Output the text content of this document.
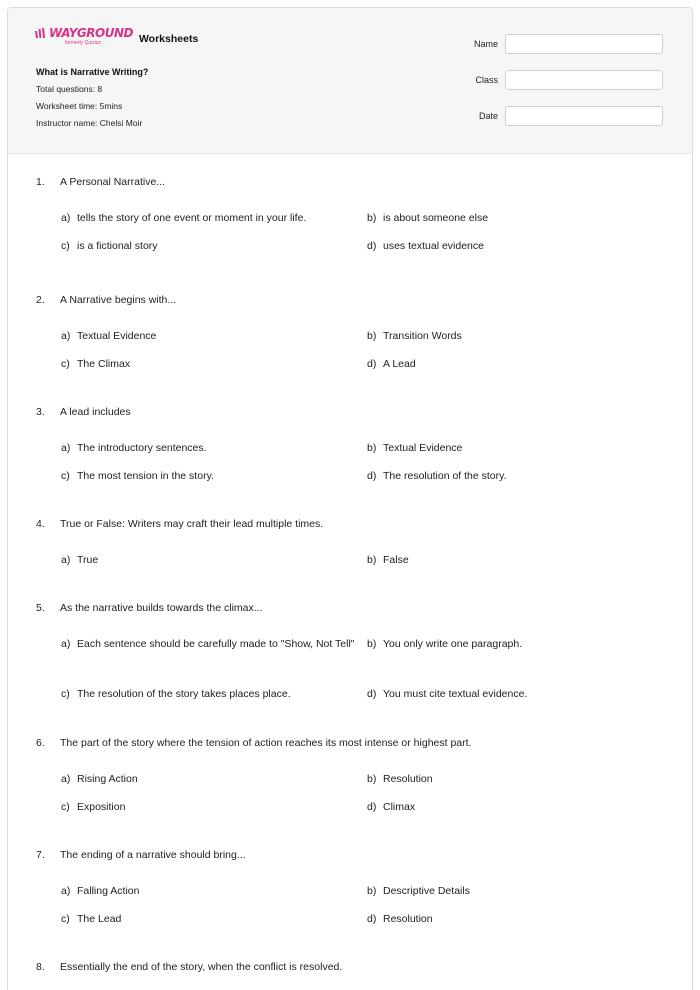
WAYGROUND
formerly Quizizz	Worksheets
What is Narrative Writing?
Total questions: 8
Worksheet time: 5mins
Instructor name: Chelsi Moir
Name
Class
Date
1. A Personal Narrative...
a) tells the story of one event or moment in your life.	b) is about someone else
c) is a fictional story	d) uses textual evidence
2. A Narrative begins with...
a) Textual Evidence	b) Transition Words
c) The Climax	d) A Lead
3. A lead includes
a) The introductory sentences.	b) Textual Evidence
c) The most tension in the story.	d) The resolution of the story.
4. True or False: Writers may craft their lead multiple times.
a) True	b) False
5. As the narrative builds towards the climax...
a) Each sentence should be carefully made to "Show, Not Tell" b) You only write one paragraph.
c) The resolution of the story takes places place.	d) You must cite textual evidence.
6. The part of the story where the tension of action reaches its most intense or highest part.
a) Rising Action	b) Resolution
c) Exposition	d) Climax
7. The ending of a narrative should bring...
a) Falling Action	b) Descriptive Details
c) The Lead	d) Resolution
8. Essentially the end of the story, when the conflict is resolved.
